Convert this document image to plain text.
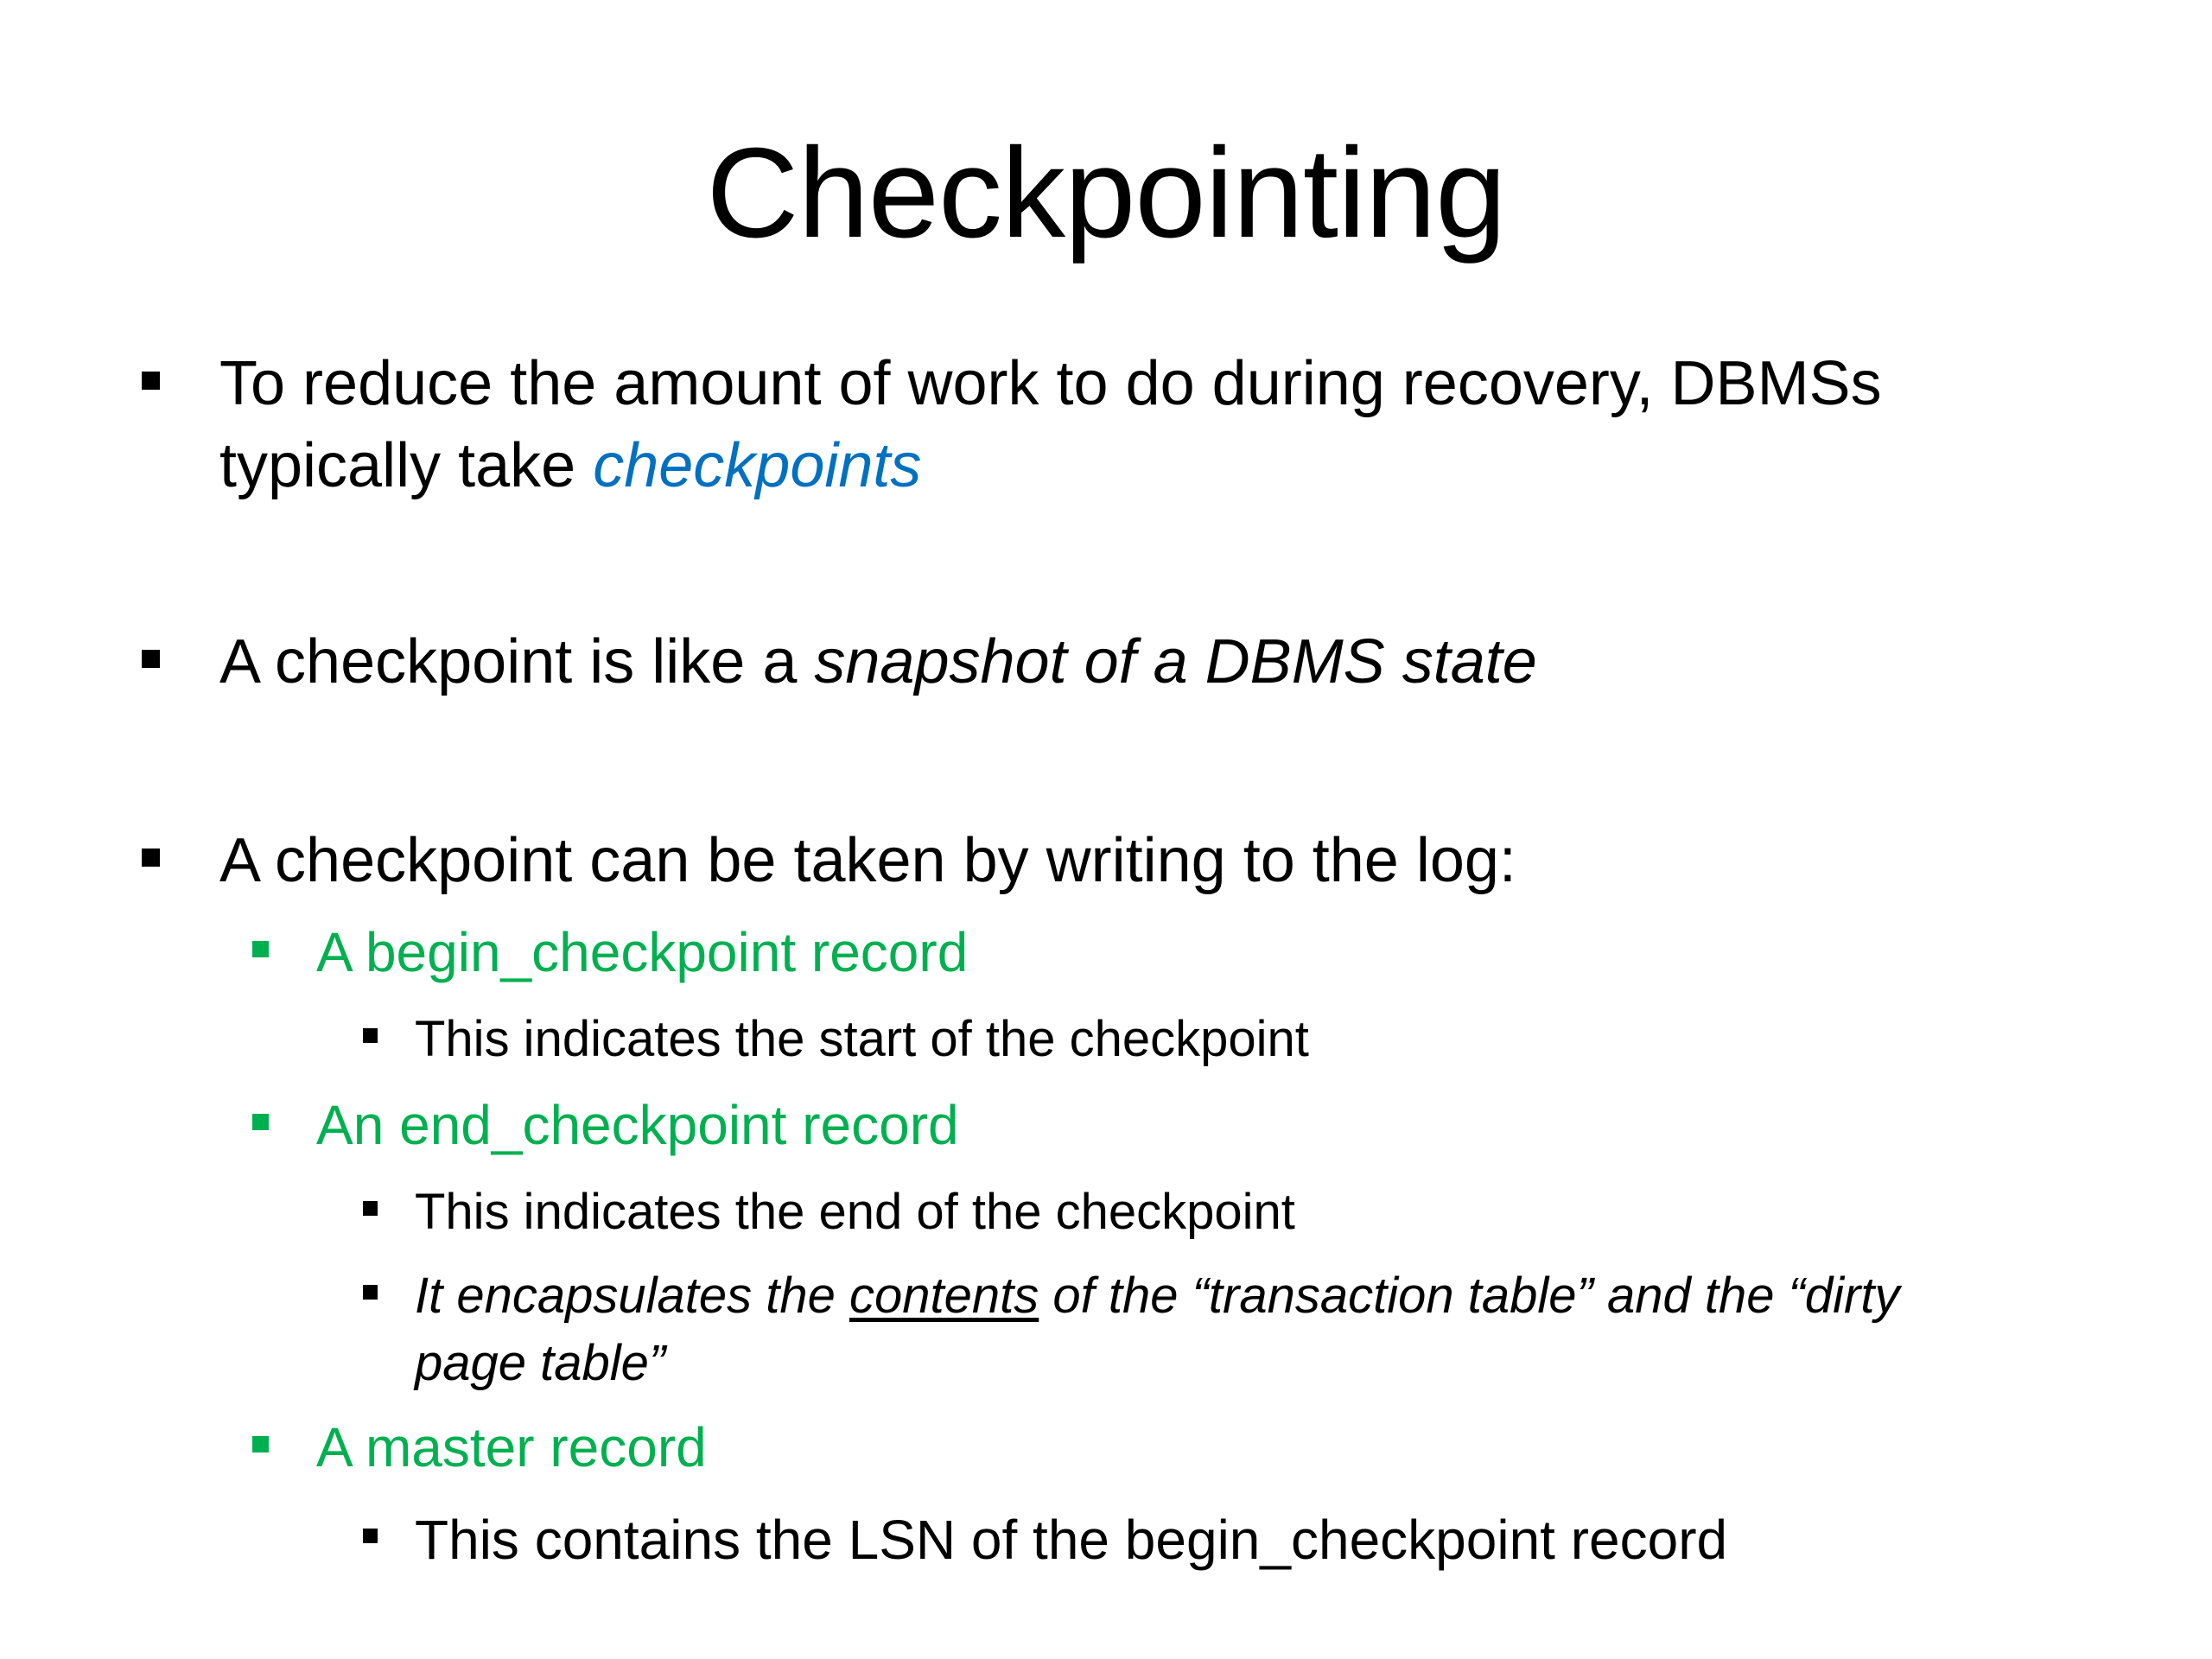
Checkpointing
To reduce the amount of work to do during recovery, DBMSs
typically take checkpoints
A checkpoint is like a snapshot of a DBMS state
A checkpoint can be taken by writing to the log:
A begin_checkpoint record
This indicates the start of the checkpoint
An end_checkpoint record
This indicates the end of the checkpoint
It encapsulates the contents of the “transaction table” and the “dirty
page table”
A master record
This contains the LSN of the begin_checkpoint record
